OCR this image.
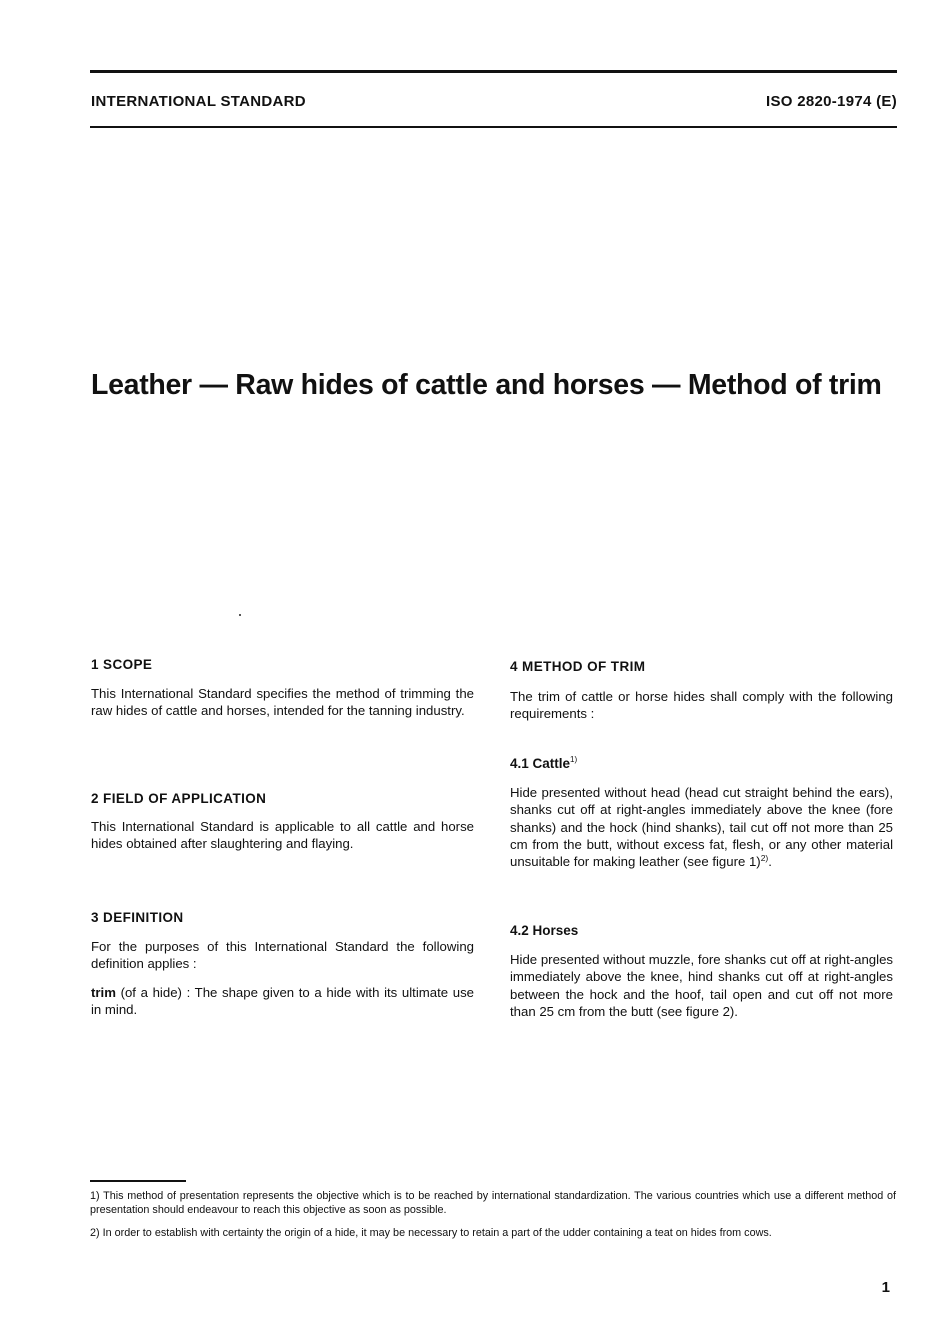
INTERNATIONAL STANDARD	ISO 2820-1974 (E)
Leather — Raw hides of cattle and horses — Method of trim

1 SCOPE

This International Standard specifies the method of trimming the raw hides of cattle and horses, intended for the tanning industry.

2 FIELD OF APPLICATION

This International Standard is applicable to all cattle and horse hides obtained after slaughtering and flaying.

3 DEFINITION

For the purposes of this International Standard the following definition applies :

trim (of a hide) : The shape given to a hide with its ultimate use in mind.

4 METHOD OF TRIM

The trim of cattle or horse hides shall comply with the following requirements :

4.1 Cattle$^{1)}$

Hide presented without head (head cut straight behind the ears), shanks cut off at right-angles immediately above the knee (fore shanks) and the hock (hind shanks), tail cut off not more than 25 cm from the butt, without excess fat, flesh, or any other material unsuitable for making leather (see figure 1)$^{2)}$.

4.2 Horses

Hide presented without muzzle, fore shanks cut off at right-angles immediately above the knee, hind shanks cut off at right-angles between the hock and the hoof, tail open and cut off not more than 25 cm from the butt (see figure 2).

1) This method of presentation represents the objective which is to be reached by international standardization. The various countries which use a different method of presentation should endeavour to reach this objective as soon as possible.

2) In order to establish with certainty the origin of a hide, it may be necessary to retain a part of the udder containing a teat on hides from cows.

1
